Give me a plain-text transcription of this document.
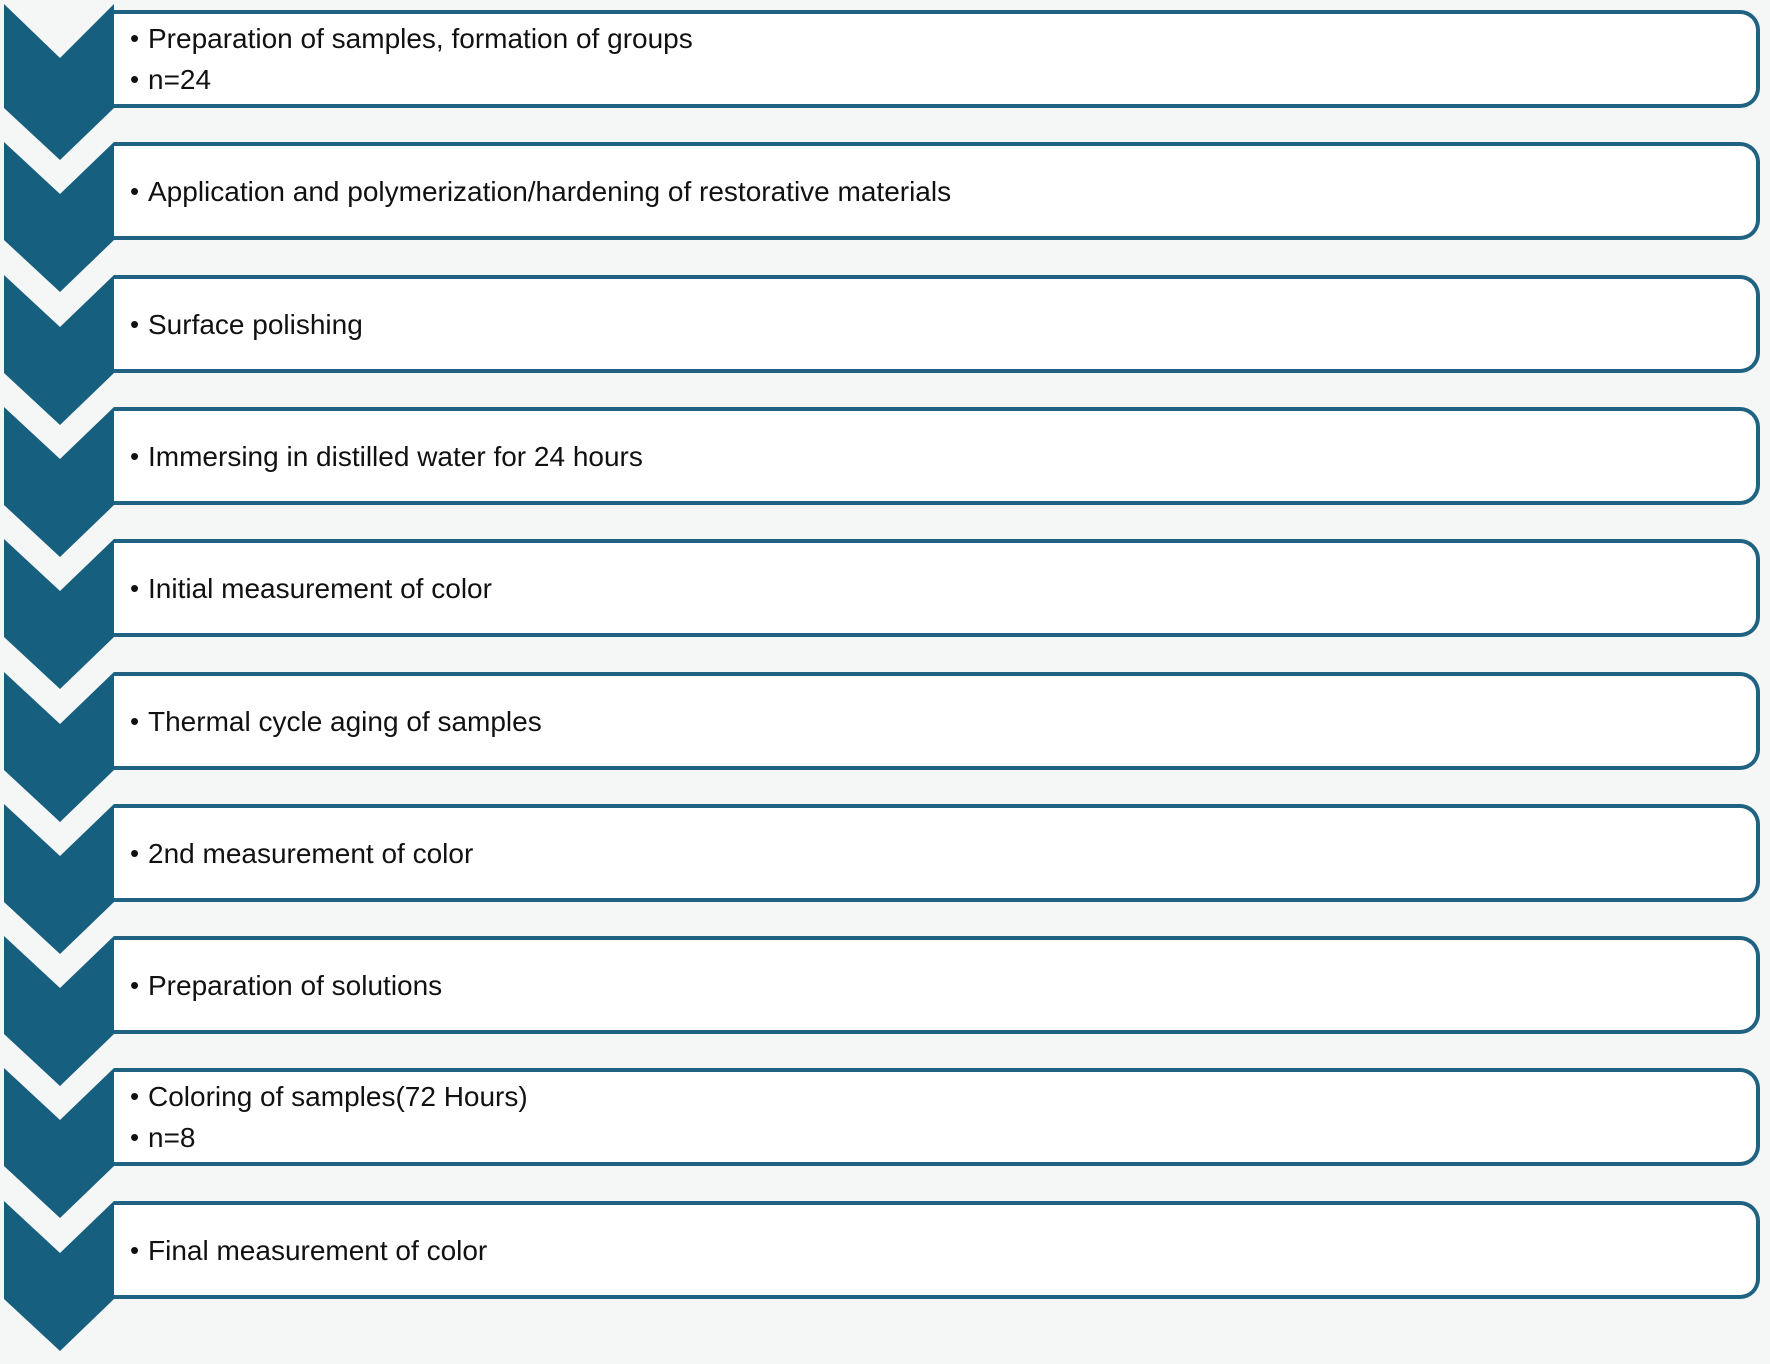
• Preparation of samples, formation of groups
• n=24
• Application and polymerization/hardening of restorative materials
• Surface polishing
• Immersing in distilled water for 24 hours
• Initial measurement of color
• Thermal cycle aging of samples
• 2nd measurement of color
• Preparation of solutions
• Coloring of samples(72 Hours)
• n=8
• Final measurement of color
